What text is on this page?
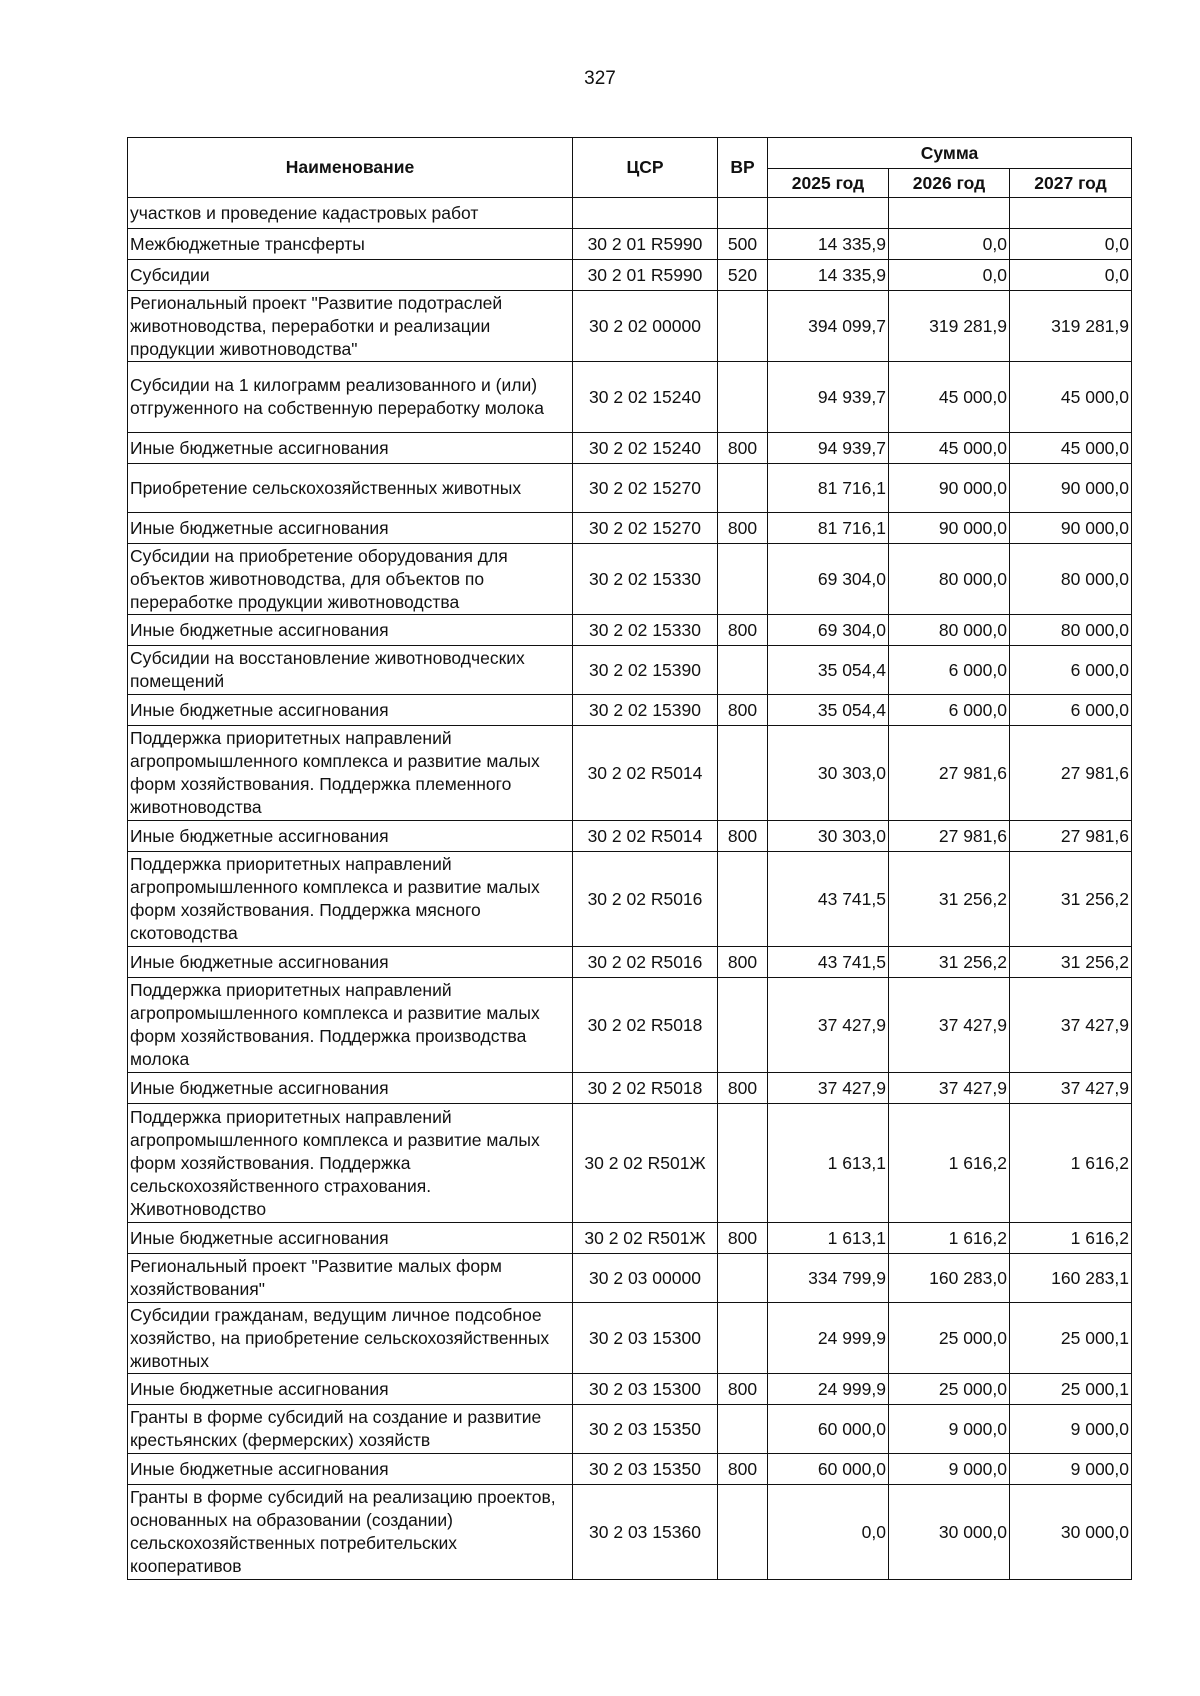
327
Наименование	ЦСР	ВР	Сумма		
			2025 год	2026 год	2027 год
участков и проведение кадастровых работ					
Межбюджетные трансферты	30 2 01 R5990	500	14 335,9	0,0	0,0
Субсидии	30 2 01 R5990	520	14 335,9	0,0	0,0
Региональный проект "Развитие подотраслей животноводства, переработки и реализации продукции животноводства"	30 2 02 00000		394 099,7	319 281,9	319 281,9
Субсидии на 1 килограмм реализованного и (или) отгруженного на собственную переработку молока	30 2 02 15240		94 939,7	45 000,0	45 000,0
Иные бюджетные ассигнования	30 2 02 15240	800	94 939,7	45 000,0	45 000,0
Приобретение сельскохозяйственных животных	30 2 02 15270		81 716,1	90 000,0	90 000,0
Иные бюджетные ассигнования	30 2 02 15270	800	81 716,1	90 000,0	90 000,0
Субсидии на приобретение оборудования для объектов животноводства, для объектов по переработке продукции животноводства	30 2 02 15330		69 304,0	80 000,0	80 000,0
Иные бюджетные ассигнования	30 2 02 15330	800	69 304,0	80 000,0	80 000,0
Субсидии на восстановление животноводческих помещений	30 2 02 15390		35 054,4	6 000,0	6 000,0
Иные бюджетные ассигнования	30 2 02 15390	800	35 054,4	6 000,0	6 000,0
Поддержка приоритетных направлений агропромышленного комплекса и развитие малых форм хозяйствования. Поддержка племенного животноводства	30 2 02 R5014		30 303,0	27 981,6	27 981,6
Иные бюджетные ассигнования	30 2 02 R5014	800	30 303,0	27 981,6	27 981,6
Поддержка приоритетных направлений агропромышленного комплекса и развитие малых форм хозяйствования. Поддержка мясного скотоводства	30 2 02 R5016		43 741,5	31 256,2	31 256,2
Иные бюджетные ассигнования	30 2 02 R5016	800	43 741,5	31 256,2	31 256,2
Поддержка приоритетных направлений агропромышленного комплекса и развитие малых форм хозяйствования. Поддержка производства молока	30 2 02 R5018		37 427,9	37 427,9	37 427,9
Иные бюджетные ассигнования	30 2 02 R5018	800	37 427,9	37 427,9	37 427,9
Поддержка приоритетных направлений агропромышленного комплекса и развитие малых форм хозяйствования. Поддержка сельскохозяйственного страхования. Животноводство	30 2 02 R501Ж		1 613,1	1 616,2	1 616,2
Иные бюджетные ассигнования	30 2 02 R501Ж	800	1 613,1	1 616,2	1 616,2
Региональный проект "Развитие малых форм хозяйствования"	30 2 03 00000		334 799,9	160 283,0	160 283,1
Субсидии гражданам, ведущим личное подсобное хозяйство, на приобретение сельскохозяйственных животных	30 2 03 15300		24 999,9	25 000,0	25 000,1
Иные бюджетные ассигнования	30 2 03 15300	800	24 999,9	25 000,0	25 000,1
Гранты в форме субсидий на создание и развитие крестьянских (фермерских) хозяйств	30 2 03 15350		60 000,0	9 000,0	9 000,0
Иные бюджетные ассигнования	30 2 03 15350	800	60 000,0	9 000,0	9 000,0
Гранты в форме субсидий на реализацию проектов, основанных на образовании (создании) сельскохозяйственных потребительских кооперативов	30 2 03 15360		0,0	30 000,0	30 000,0
